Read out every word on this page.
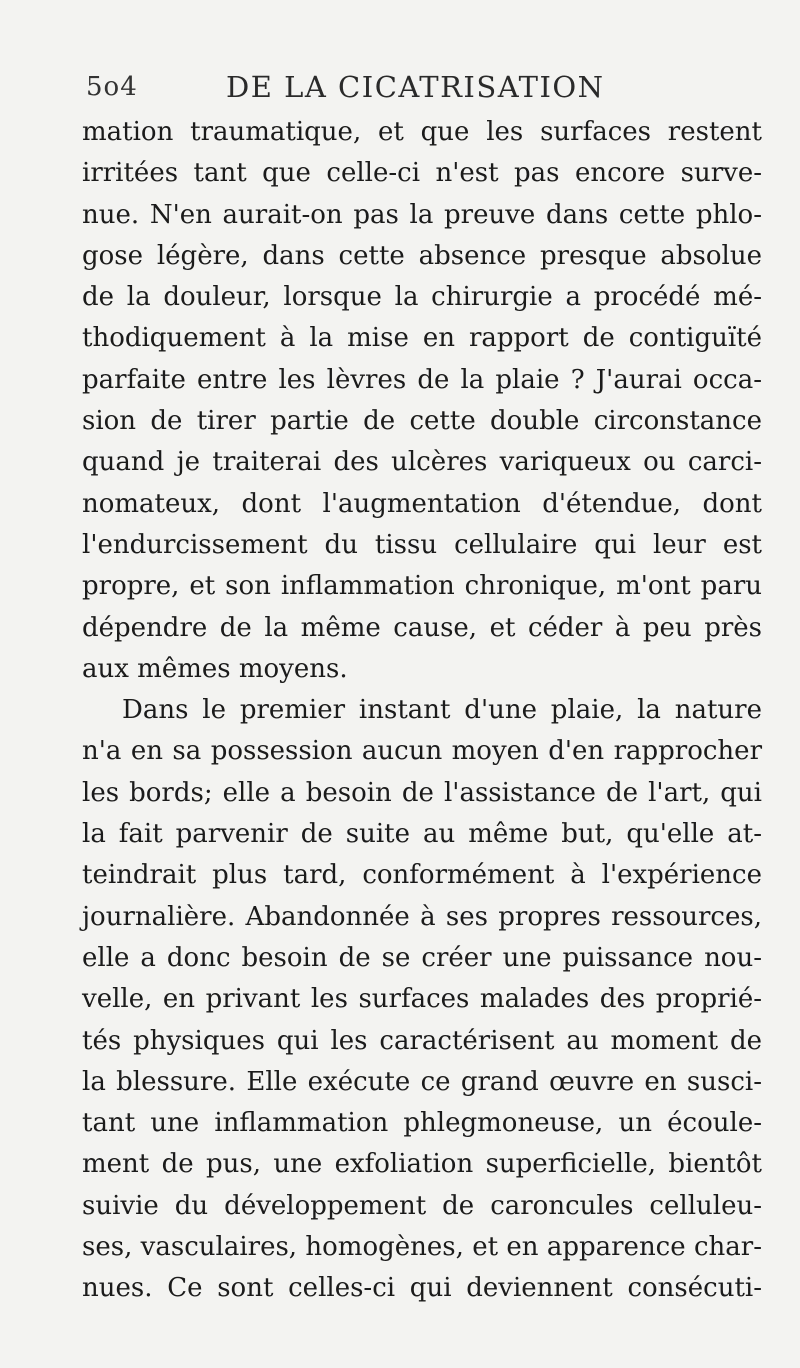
5o4	DE LA CICATRISATION
mation traumatique, et que les surfaces restent
irritées tant que celle-ci n'est pas encore surve-
nue. N'en aurait-on pas la preuve dans cette phlo-
gose légère, dans cette absence presque absolue
de la douleur, lorsque la chirurgie a procédé mé-
thodiquement à la mise en rapport de contiguïté
parfaite entre les lèvres de la plaie ? J'aurai occa-
sion de tirer partie de cette double circonstance
quand je traiterai des ulcères variqueux ou carci-
nomateux, dont l'augmentation d'étendue, dont
l'endurcissement du tissu cellulaire qui leur est
propre, et son inflammation chronique, m'ont paru
dépendre de la même cause, et céder à peu près
aux mêmes moyens.
Dans le premier instant d'une plaie, la nature
n'a en sa possession aucun moyen d'en rapprocher
les bords; elle a besoin de l'assistance de l'art, qui
la fait parvenir de suite au même but, qu'elle at-
teindrait plus tard, conformément à l'expérience
journalière. Abandonnée à ses propres ressources,
elle a donc besoin de se créer une puissance nou-
velle, en privant les surfaces malades des proprié-
tés physiques qui les caractérisent au moment de
la blessure. Elle exécute ce grand œuvre en susci-
tant une inflammation phlegmoneuse, un écoule-
ment de pus, une exfoliation superficielle, bientôt
suivie du développement de caroncules celluleu-
ses, vasculaires, homogènes, et en apparence char-
nues. Ce sont celles-ci qui deviennent consécuti-
